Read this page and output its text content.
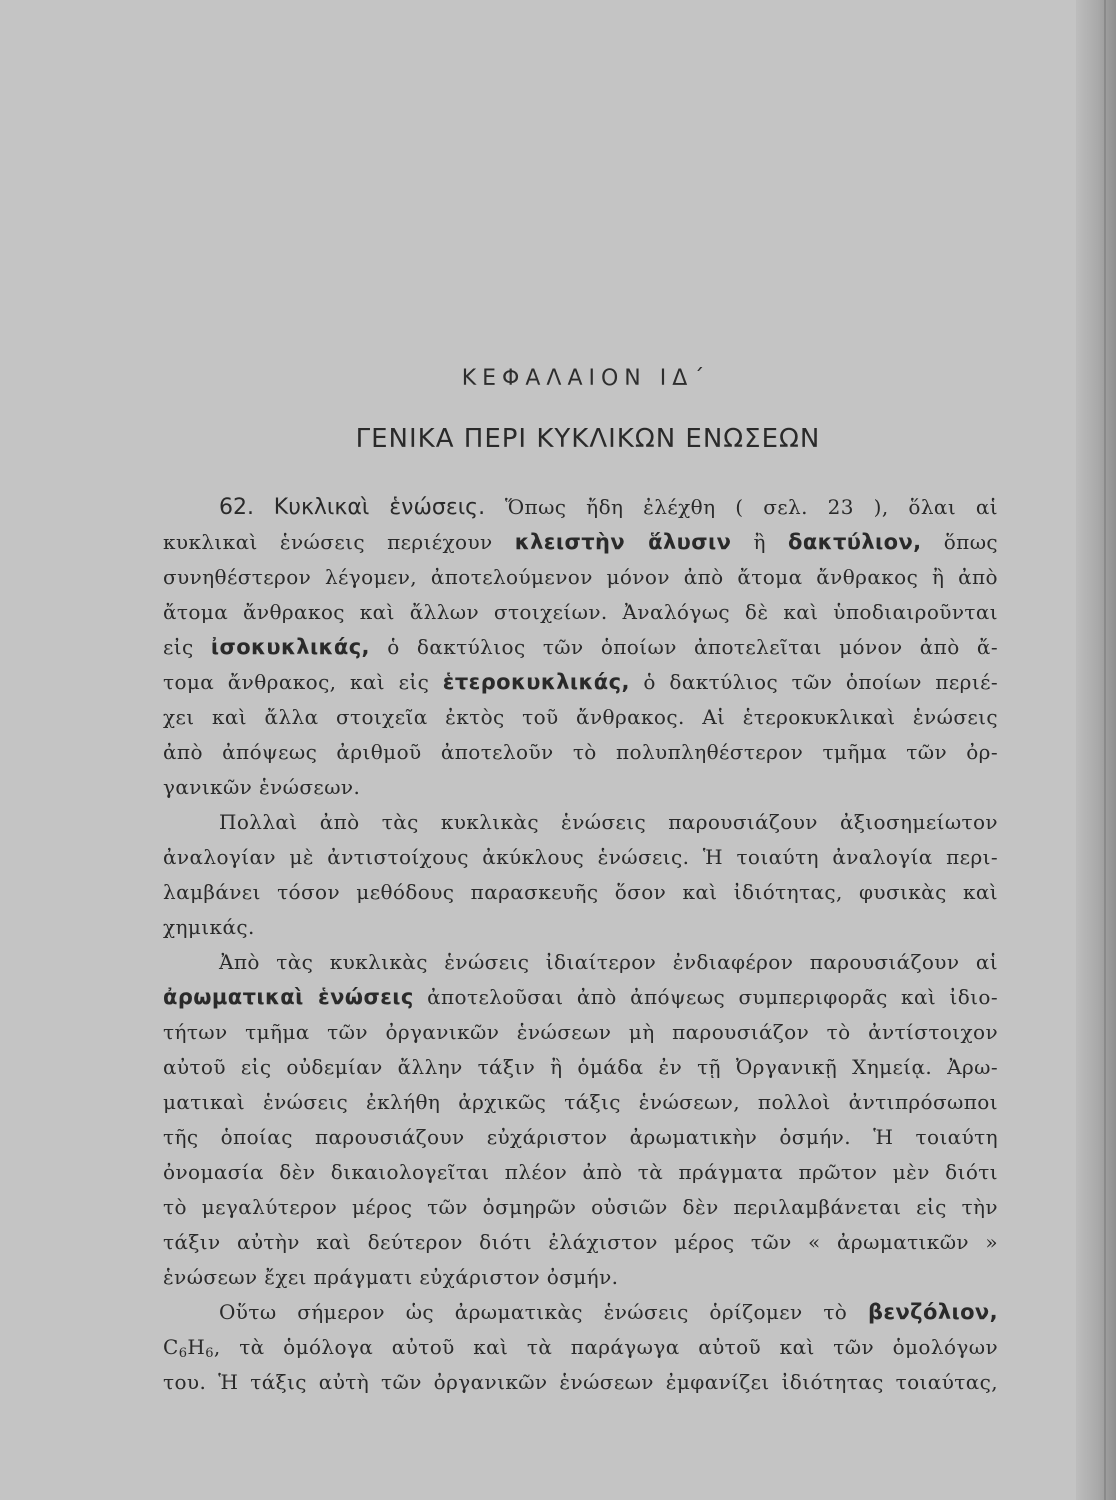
ΚΕΦΑΛΑΙΟΝ ΙΔ΄
ΓΕΝΙΚΑ ΠΕΡΙ ΚΥΚΛΙΚΩΝ ΕΝΩΣΕΩΝ
62. Κυκλικαὶ ἑνώσεις. Ὅπως ἤδη ἐλέχθη ( σελ. 23 ), ὅλαι αἱ
κυκλικαὶ ἑνώσεις περιέχουν κλειστὴν ἅλυσιν ἢ δακτύλιον, ὅπως
συνηθέστερον λέγομεν, ἀποτελούμενον μόνον ἀπὸ ἄτομα ἄνθρακος ἢ ἀπὸ
ἄτομα ἄνθρακος καὶ ἄλλων στοιχείων. Ἀναλόγως δὲ καὶ ὑποδιαιροῦνται
εἰς ἰσοκυκλικάς, ὁ δακτύλιος τῶν ὁποίων ἀποτελεῖται μόνον ἀπὸ ἄ-
τομα ἄνθρακος, καὶ εἰς ἑτεροκυκλικάς, ὁ δακτύλιος τῶν ὁποίων περιέ-
χει καὶ ἄλλα στοιχεῖα ἐκτὸς τοῦ ἄνθρακος. Αἱ ἑτεροκυκλικαὶ ἑνώσεις
ἀπὸ ἀπόψεως ἀριθμοῦ ἀποτελοῦν τὸ πολυπληθέστερον τμῆμα τῶν ὀρ-
γανικῶν ἑνώσεων.
Πολλαὶ ἀπὸ τὰς κυκλικὰς ἑνώσεις παρουσιάζουν ἀξιοσημείωτον
ἀναλογίαν μὲ ἀντιστοίχους ἀκύκλους ἑνώσεις. Ἡ τοιαύτη ἀναλογία περι-
λαμβάνει τόσον μεθόδους παρασκευῆς ὅσον καὶ ἰδιότητας, φυσικὰς καὶ
χημικάς.
Ἀπὸ τὰς κυκλικὰς ἑνώσεις ἰδιαίτερον ἐνδιαφέρον παρουσιάζουν αἱ
ἀρωματικαὶ ἑνώσεις ἀποτελοῦσαι ἀπὸ ἀπόψεως συμπεριφορᾶς καὶ ἰδιο-
τήτων τμῆμα τῶν ὀργανικῶν ἑνώσεων μὴ παρουσιάζον τὸ ἀντίστοιχον
αὐτοῦ εἰς οὐδεμίαν ἄλλην τάξιν ἢ ὁμάδα ἐν τῇ Ὀργανικῇ Χημείᾳ. Ἀρω-
ματικαὶ ἑνώσεις ἐκλήθη ἀρχικῶς τάξις ἑνώσεων, πολλοὶ ἀντιπρόσωποι
τῆς ὁποίας παρουσιάζουν εὐχάριστον ἀρωματικὴν ὀσμήν. Ἡ τοιαύτη
ὀνομασία δὲν δικαιολογεῖται πλέον ἀπὸ τὰ πράγματα πρῶτον μὲν διότι
τὸ μεγαλύτερον μέρος τῶν ὀσμηρῶν οὐσιῶν δὲν περιλαμβάνεται εἰς τὴν
τάξιν αὐτὴν καὶ δεύτερον διότι ἐλάχιστον μέρος τῶν « ἀρωματικῶν »
ἑνώσεων ἔχει πράγματι εὐχάριστον ὀσμήν.
Οὕτω σήμερον ὡς ἀρωματικὰς ἑνώσεις ὁρίζομεν τὸ βενζόλιον,
$C_6H_6$, τὰ ὁμόλογα αὐτοῦ καὶ τὰ παράγωγα αὐτοῦ καὶ τῶν ὁμολόγων
του. Ἡ τάξις αὐτὴ τῶν ὀργανικῶν ἑνώσεων ἐμφανίζει ἰδιότητας τοιαύτας,
